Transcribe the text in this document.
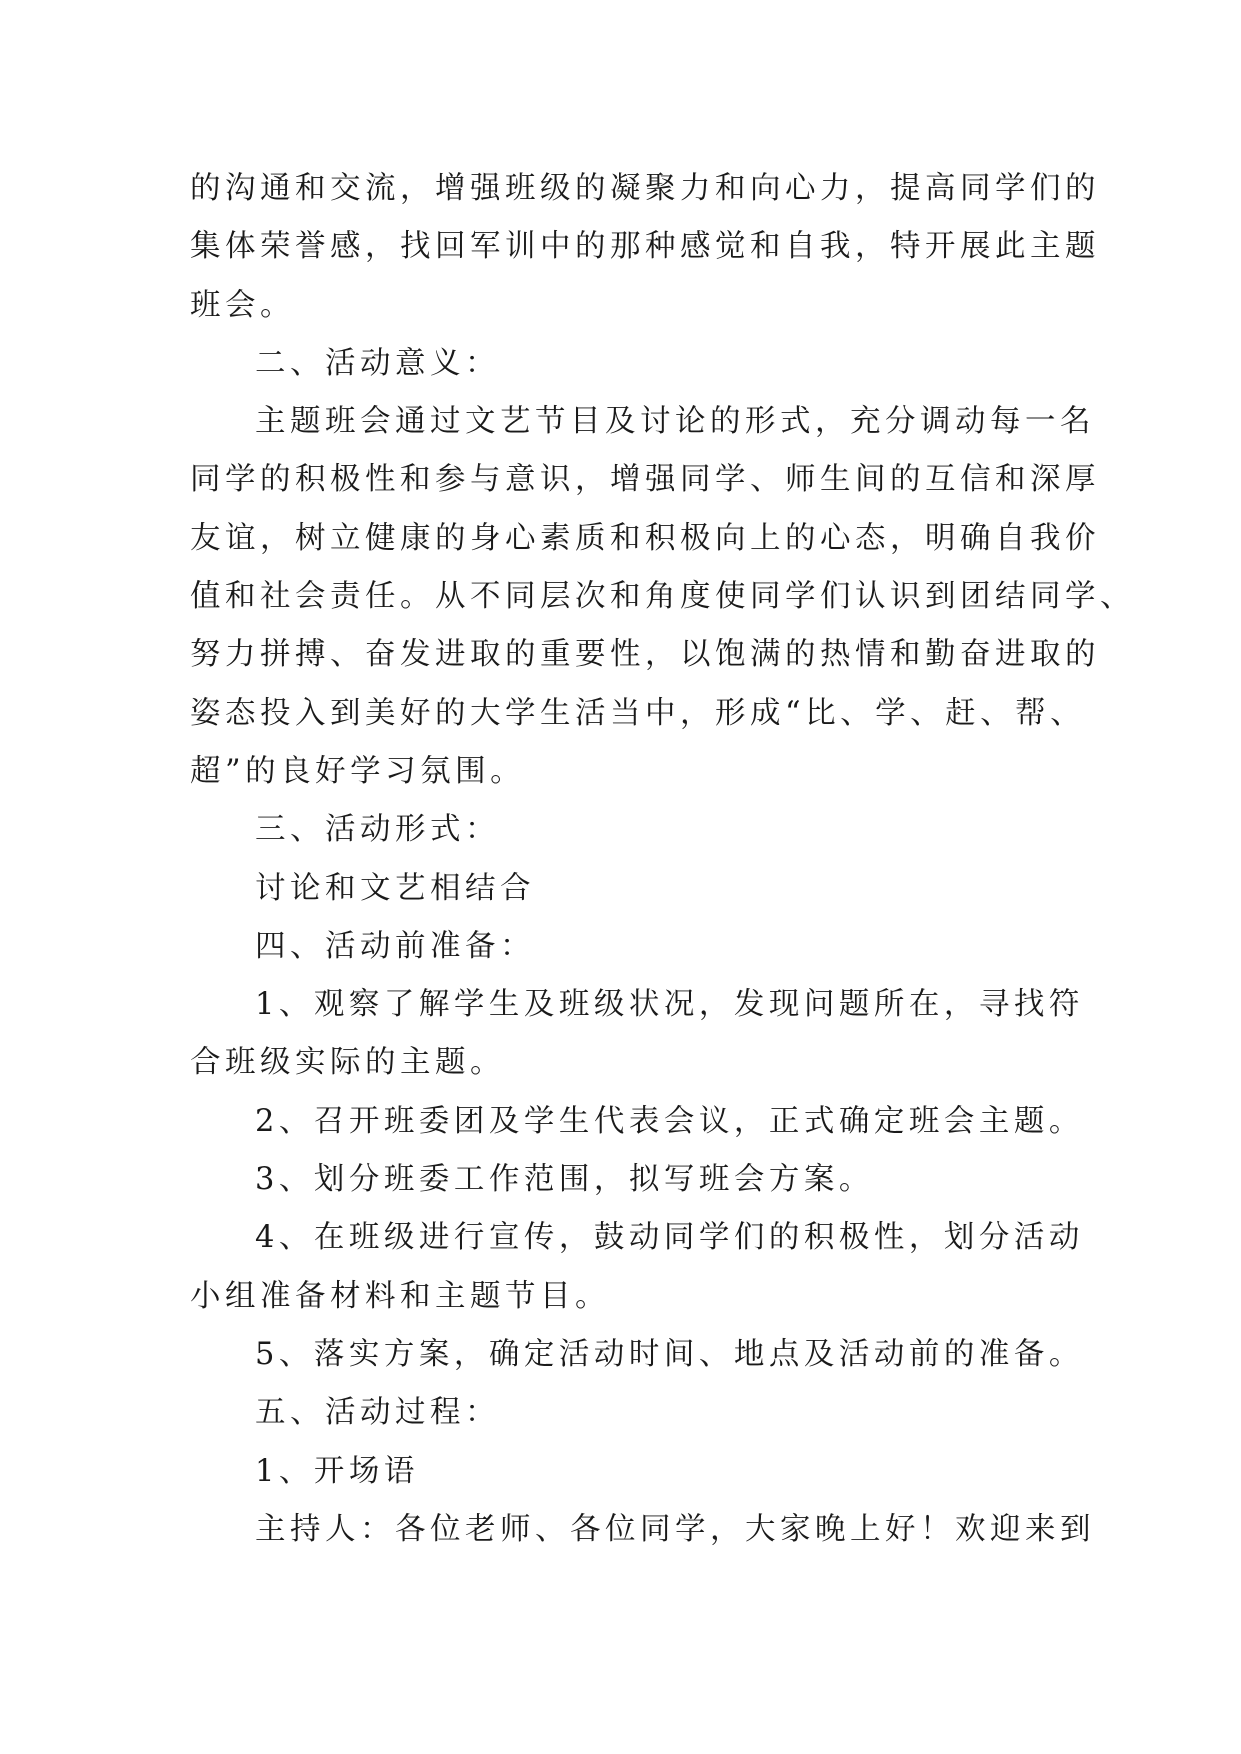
的沟通和交流，增强班级的凝聚力和向心力，提高同学们的
集体荣誉感，找回军训中的那种感觉和自我，特开展此主题
班会。
二、活动意义：
主题班会通过文艺节目及讨论的形式，充分调动每一名
同学的积极性和参与意识，增强同学、师生间的互信和深厚
友谊，树立健康的身心素质和积极向上的心态，明确自我价
值和社会责任。从不同层次和角度使同学们认识到团结同学、
努力拼搏、奋发进取的重要性，以饱满的热情和勤奋进取的
姿态投入到美好的大学生活当中，形成“比、学、赶、帮、
超”的良好学习氛围。
三、活动形式：
讨论和文艺相结合
四、活动前准备：
1、观察了解学生及班级状况，发现问题所在，寻找符
合班级实际的主题。
2、召开班委团及学生代表会议，正式确定班会主题。
3、划分班委工作范围，拟写班会方案。
4、在班级进行宣传，鼓动同学们的积极性，划分活动
小组准备材料和主题节目。
5、落实方案，确定活动时间、地点及活动前的准备。
五、活动过程：
1、开场语
主持人：各位老师、各位同学，大家晚上好！欢迎来到
